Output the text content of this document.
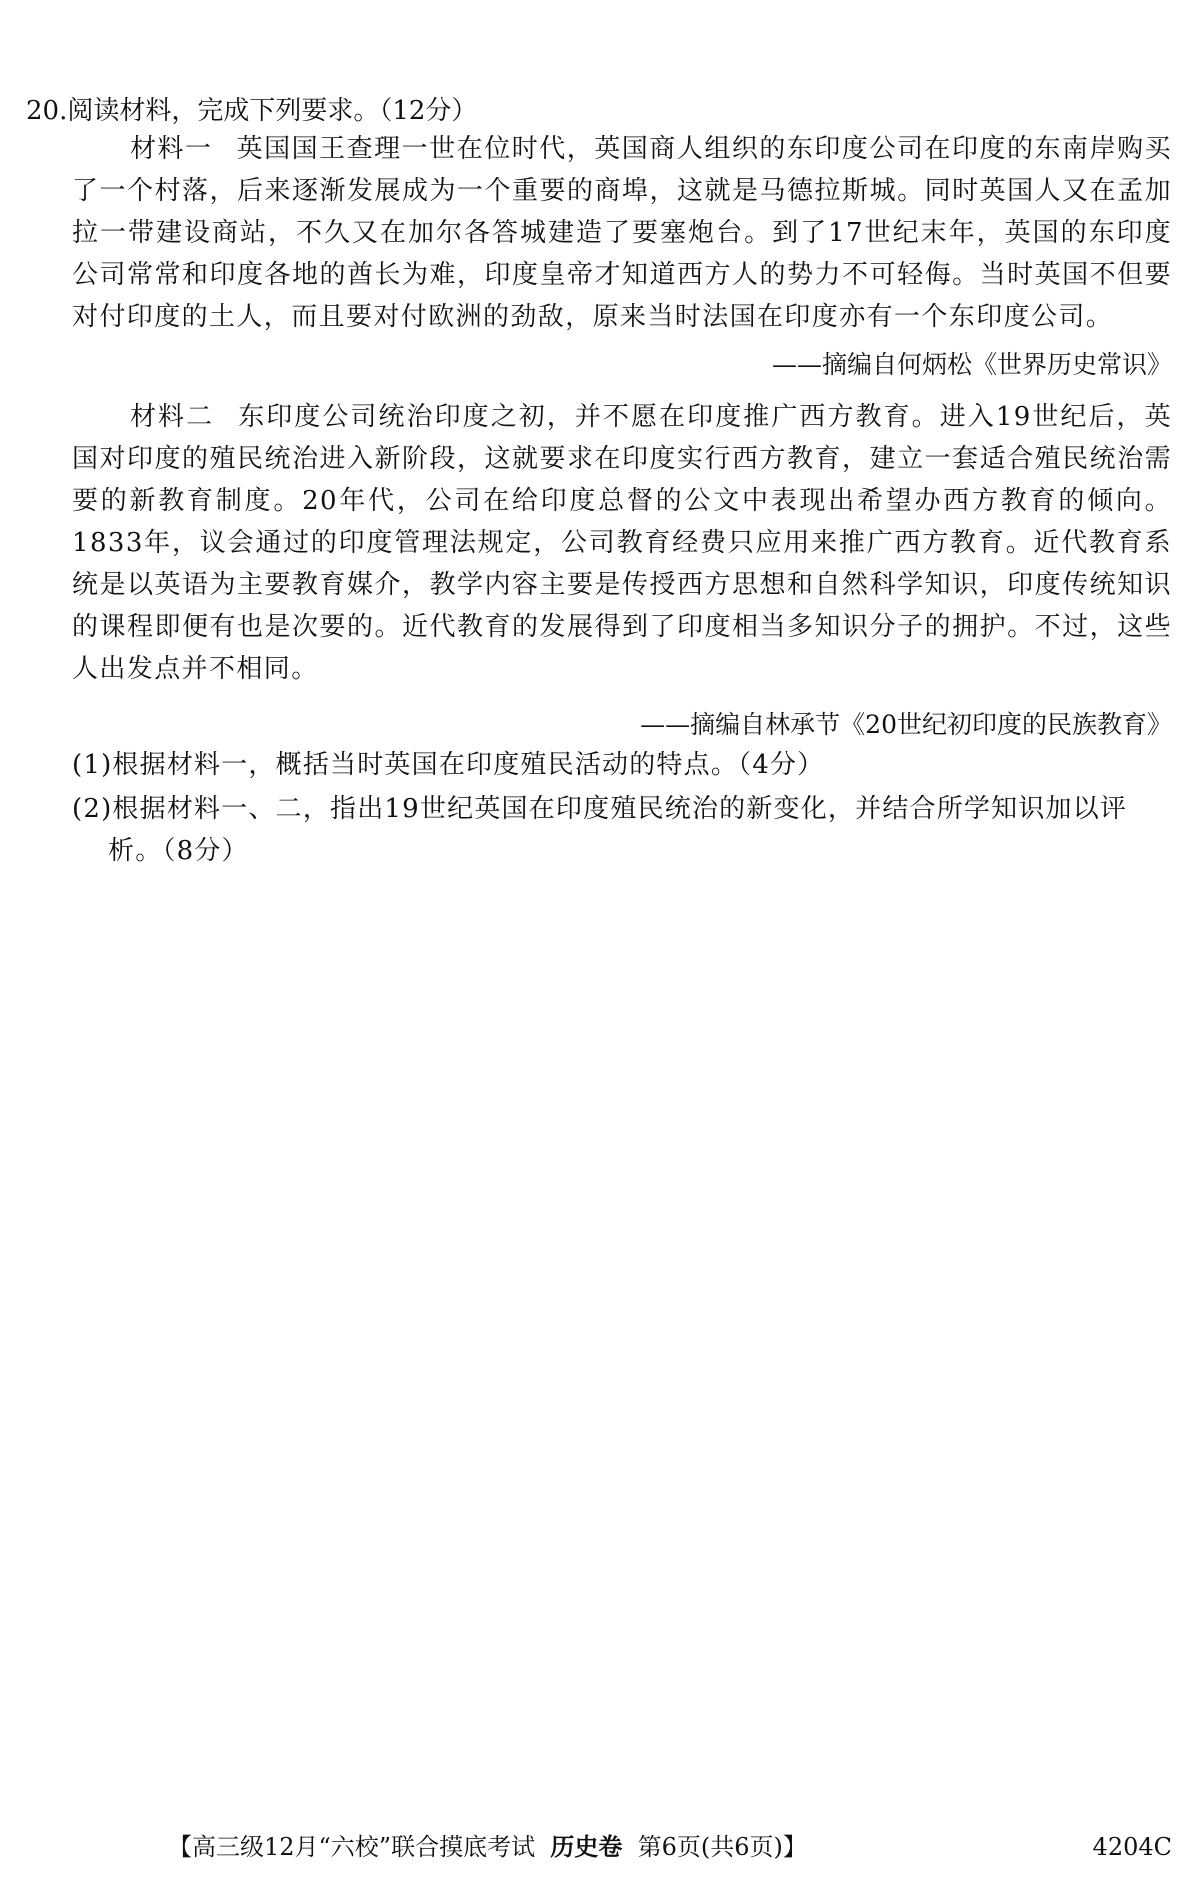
20.阅读材料，完成下列要求。（12分）
材料一 英国国王查理一世在位时代，英国商人组织的东印度公司在印度的东南岸购买了一个村落，后来逐渐发展成为一个重要的商埠，这就是马德拉斯城。同时英国人又在孟加拉一带建设商站，不久又在加尔各答城建造了要塞炮台。到了17世纪末年，英国的东印度公司常常和印度各地的酋长为难，印度皇帝才知道西方人的势力不可轻侮。当时英国不但要对付印度的土人，而且要对付欧洲的劲敌，原来当时法国在印度亦有一个东印度公司。
——摘编自何炳松《世界历史常识》
材料二 东印度公司统治印度之初，并不愿在印度推广西方教育。进入19世纪后，英国对印度的殖民统治进入新阶段，这就要求在印度实行西方教育，建立一套适合殖民统治需要的新教育制度。20年代，公司在给印度总督的公文中表现出希望办西方教育的倾向。1833年，议会通过的印度管理法规定，公司教育经费只应用来推广西方教育。近代教育系统是以英语为主要教育媒介，教学内容主要是传授西方思想和自然科学知识，印度传统知识的课程即便有也是次要的。近代教育的发展得到了印度相当多知识分子的拥护。不过，这些人出发点并不相同。
——摘编自林承节《20世纪初印度的民族教育》
(1)根据材料一，概括当时英国在印度殖民活动的特点。（4分）
(2)根据材料一、二，指出19世纪英国在印度殖民统治的新变化，并结合所学知识加以评
析。（8分）
【高三级12月“六校”联合摸底考试 历史卷 第6页(共6页)】	4204C
